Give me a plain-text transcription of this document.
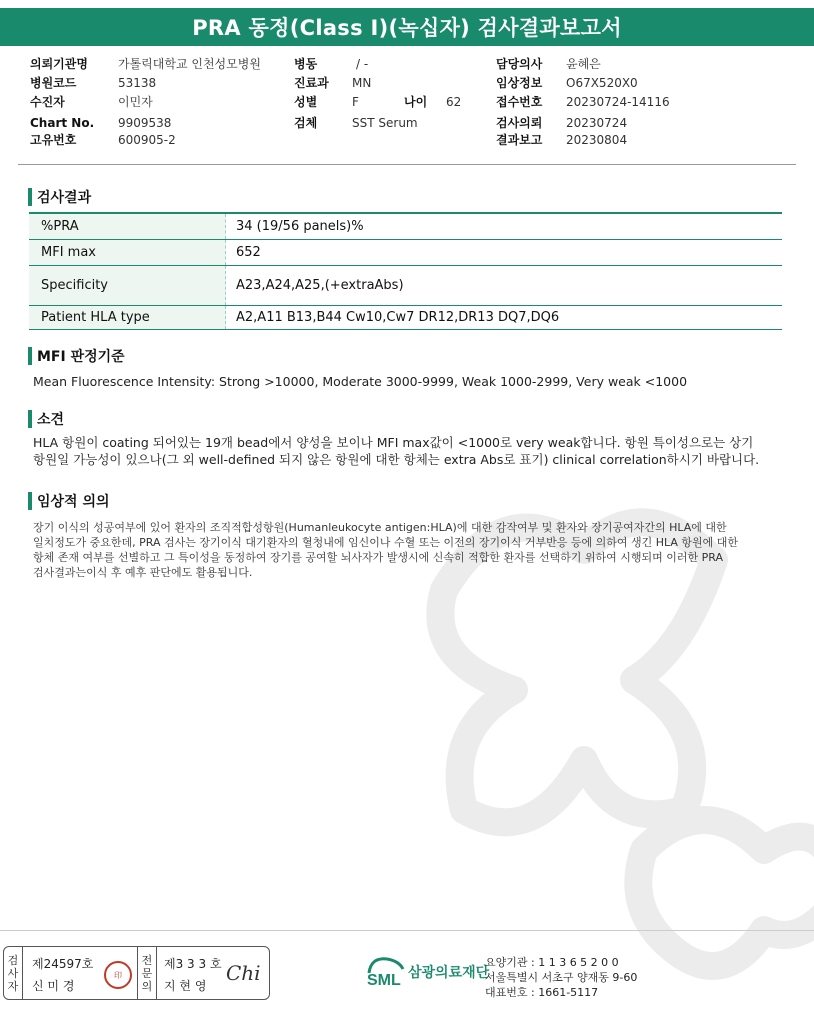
PRA 동정(Class I)(녹십자) 검사결과보고서
의뢰기관명	가톨릭대학교 인천성모병원	병동	/ -	담당의사 윤혜은
병원코드	53138	진료과 MN	임상정보 O67X520X0
수진자	이민자	성별	F	나이 62	접수번호 20230724-14116
Chart No. 9909538	검체	SST Serum	검사의뢰 20230724
고유번호	600905-2	결과보고 20230804
검사결과
%PRA	34 (19/56 panels)%
MFI max	652
Specificity	A23,A24,A25,(+extraAbs)
Patient HLA type	A2,A11 B13,B44 Cw10,Cw7 DR12,DR13 DQ7,DQ6
MFI 판정기준
Mean Fluorescence Intensity: Strong >10000, Moderate 3000-9999, Weak 1000-2999, Very weak <1000
소견
HLA 항원이 coating 되어있는 19개 bead에서 양성을 보이나 MFI max값이 <1000로 very weak합니다. 항원 특이성으로는 상기
항원일 가능성이 있으나(그 외 well-defined 되지 않은 항원에 대한 항체는 extra Abs로 표기) clinical correlation하시기 바랍니다.
임상적 의의
장기 이식의 성공여부에 있어 환자의 조직적합성항원(Humanleukocyte antigen:HLA)에 대한 감작여부 및 환자와 장기공여자간의 HLA에 대한
일치정도가 중요한데, PRA 검사는 장기이식 대기환자의 혈청내에 임신이나 수혈 또는 이전의 장기이식 거부반응 등에 의하여 생긴 HLA 항원에 대한
항체 존재 여부를 선별하고 그 특이성을 동정하여 장기를 공여할 뇌사자가 발생시에 신속히 적합한 환자를 선택하기 위하여 시행되며 이러한 PRA
검사결과는이식 후 예후 판단에도 활용됩니다.
검
사
자
제24597호
신 미 경
印
전
문
의
제3 3 3 호
지 현 영
Chi	SML 삼광의료재단
요양기관 : 1 1 3 6 5 2 0 0
서울특별시 서초구 양재동 9-60
대표번호 : 1661-5117
